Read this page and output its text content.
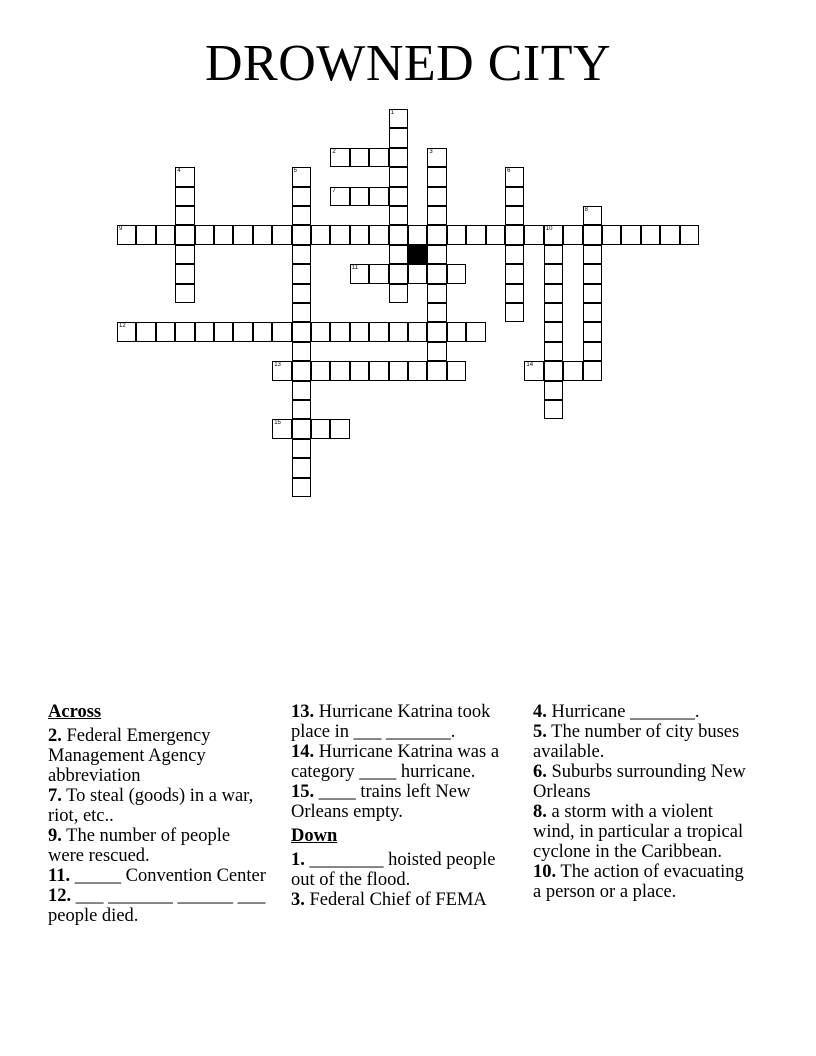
DROWNED CITY
1
2	3
4	5	6
7
8
9	10
11
12
13	14
15
Across
2. Federal Emergency Management Agency abbreviation
7. To steal (goods) in a war, riot, etc..
9. The number of people were rescued.
11. _____ Convention Center
12. ___ _______ ______ ___ people died.
13. Hurricane Katrina took place in ___ _______.
14. Hurricane Katrina was a category ____ hurricane.
15. ____ trains left New Orleans empty.
Down
1. ________ hoisted people out of the flood.
3. Federal Chief of FEMA
4. Hurricane _______.
5. The number of city buses available.
6. Suburbs surrounding New Orleans
8. a storm with a violent wind, in particular a tropical cyclone in the Caribbean.
10. The action of evacuating a person or a place.
